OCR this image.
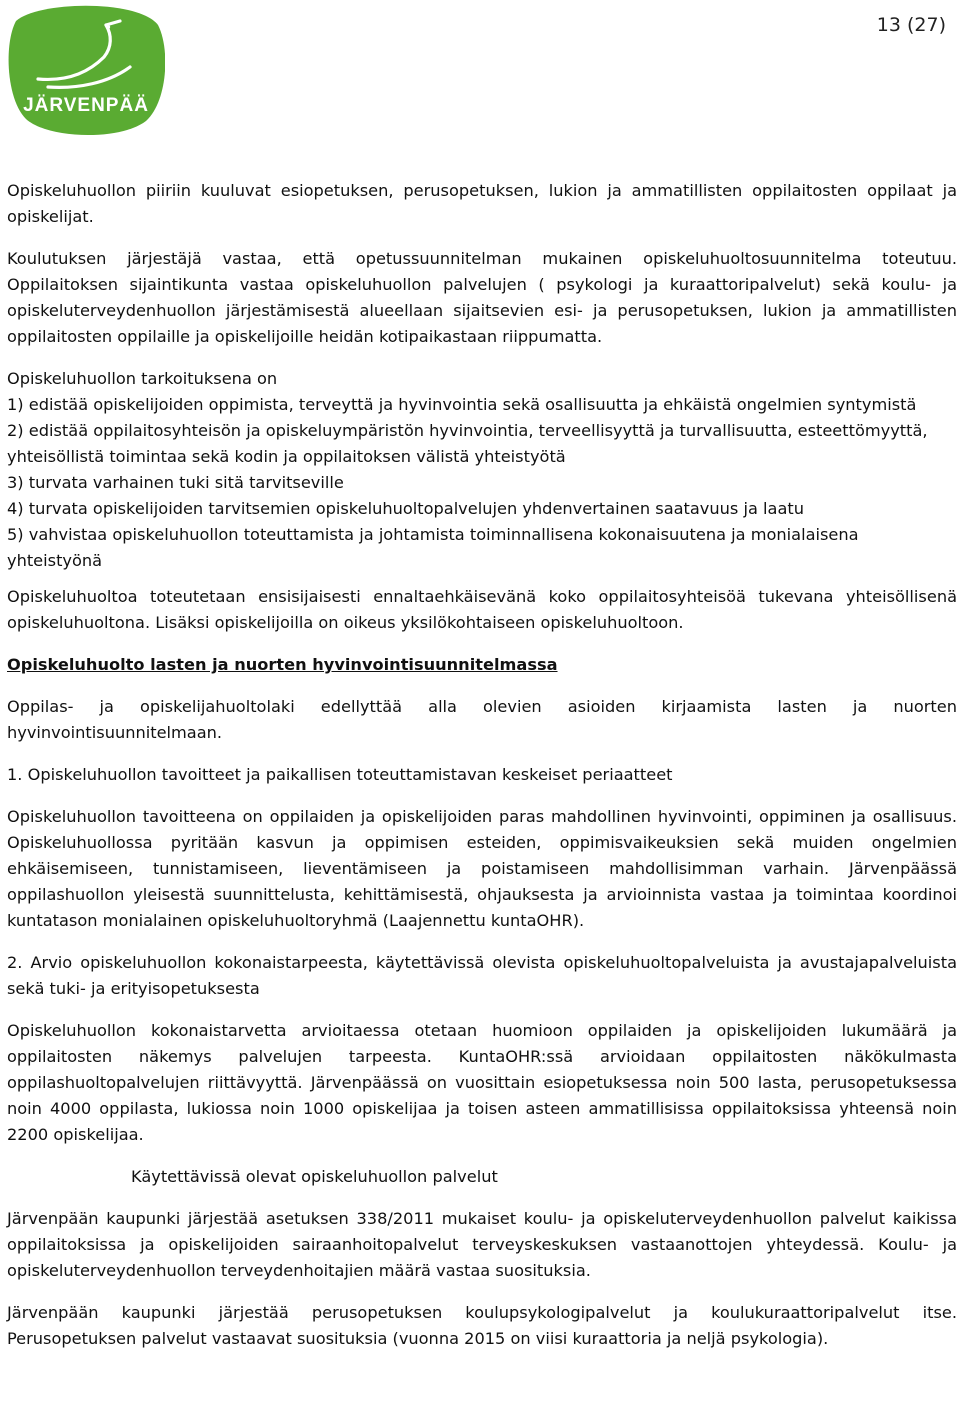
JÄRVENPÄÄ
13 (27)

Opiskeluhuollon piiriin kuuluvat esiopetuksen, perusopetuksen, lukion ja ammatillisten oppilaitosten oppilaat ja opiskelijat.

Koulutuksen järjestäjä vastaa, että opetussuunnitelman mukainen opiskeluhuoltosuunnitelma toteutuu. Oppilaitoksen sijaintikunta vastaa opiskeluhuollon palvelujen ( psykologi ja kuraattoripalvelut) sekä koulu- ja opiskeluterveydenhuollon järjestämisestä alueellaan sijaitsevien esi- ja perusopetuksen, lukion ja ammatillisten oppilaitosten oppilaille ja opiskelijoille heidän kotipaikastaan riippumatta.

Opiskeluhuollon tarkoituksena on
1) edistää opiskelijoiden oppimista, terveyttä ja hyvinvointia sekä osallisuutta ja ehkäistä ongelmien syntymistä
2) edistää oppilaitosyhteisön ja opiskeluympäristön hyvinvointia, terveellisyyttä ja turvallisuutta, esteettömyyttä, yhteisöllistä toimintaa sekä kodin ja oppilaitoksen välistä yhteistyötä
3) turvata varhainen tuki sitä tarvitseville
4) turvata opiskelijoiden tarvitsemien opiskeluhuoltopalvelujen yhdenvertainen saatavuus ja laatu
5) vahvistaa opiskeluhuollon toteuttamista ja johtamista toiminnallisena kokonaisuutena ja monialaisena yhteistyönä

Opiskeluhuoltoa toteutetaan ensisijaisesti ennaltaehkäisevänä koko oppilaitosyhteisöä tukevana yhteisöllisenä opiskeluhuoltona. Lisäksi opiskelijoilla on oikeus yksilökohtaiseen opiskeluhuoltoon.

Opiskeluhuolto lasten ja nuorten hyvinvointisuunnitelmassa

Oppilas- ja opiskelijahuoltolaki edellyttää alla olevien asioiden kirjaamista lasten ja nuorten hyvinvointisuunnitelmaan.

1. Opiskeluhuollon tavoitteet ja paikallisen toteuttamistavan keskeiset periaatteet

Opiskeluhuollon tavoitteena on oppilaiden ja opiskelijoiden paras mahdollinen hyvinvointi, oppiminen ja osallisuus. Opiskeluhuollossa pyritään kasvun ja oppimisen esteiden, oppimisvaikeuksien sekä muiden ongelmien ehkäisemiseen, tunnistamiseen, lieventämiseen ja poistamiseen mahdollisimman varhain. Järvenpäässä oppilashuollon yleisestä suunnittelusta, kehittämisestä, ohjauksesta ja arvioinnista vastaa ja toimintaa koordinoi kuntatason monialainen opiskeluhuoltoryhmä (Laajennettu kuntaOHR).

2. Arvio opiskeluhuollon kokonaistarpeesta, käytettävissä olevista opiskeluhuoltopalveluista ja avustajapalveluista sekä tuki- ja erityisopetuksesta

Opiskeluhuollon kokonaistarvetta arvioitaessa otetaan huomioon oppilaiden ja opiskelijoiden lukumäärä ja oppilaitosten näkemys palvelujen tarpeesta. KuntaOHR:ssä arvioidaan oppilaitosten näkökulmasta oppilashuoltopalvelujen riittävyyttä. Järvenpäässä on vuosittain esiopetuksessa noin 500 lasta, perusopetuksessa noin 4000 oppilasta, lukiossa noin 1000 opiskelijaa ja toisen asteen ammatillisissa oppilaitoksissa yhteensä noin 2200 opiskelijaa.

Käytettävissä olevat opiskeluhuollon palvelut

Järvenpään kaupunki järjestää asetuksen 338/2011 mukaiset koulu- ja opiskeluterveydenhuollon palvelut kaikissa oppilaitoksissa ja opiskelijoiden sairaanhoitopalvelut terveyskeskuksen vastaanottojen yhteydessä. Koulu- ja opiskeluterveydenhuollon terveydenhoitajien määrä vastaa suosituksia.

Järvenpään kaupunki järjestää perusopetuksen koulupsykologipalvelut ja koulukuraattoripalvelut itse. Perusopetuksen palvelut vastaavat suosituksia (vuonna 2015 on viisi kuraattoria ja neljä psykologia).
